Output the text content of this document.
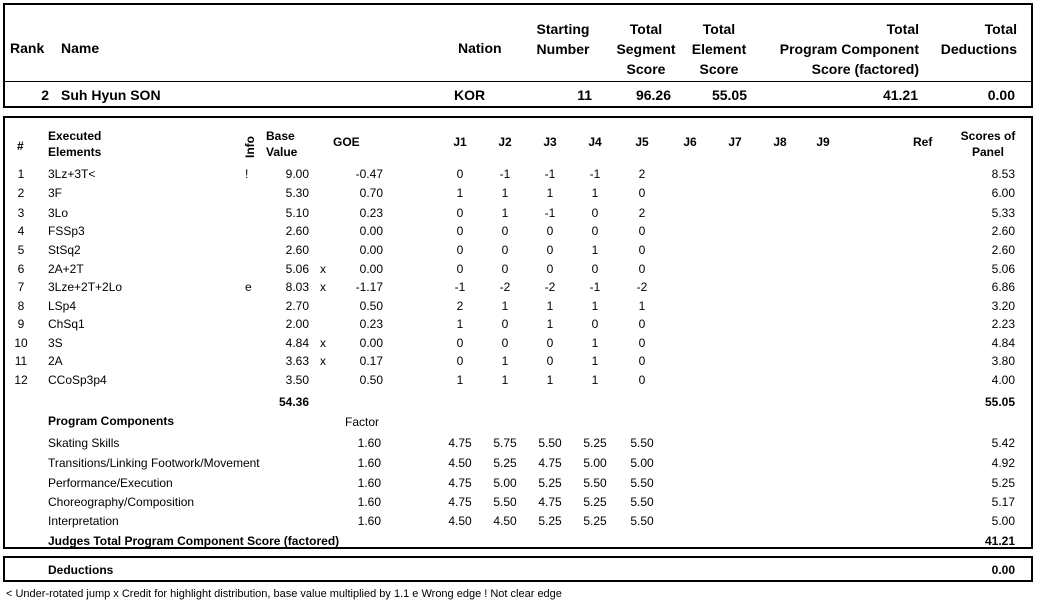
Rank Name	Nation
Starting
Number
Total
Segment
Score
Total
Element
Score
Total
Program Component
Score (factored)
Total
Deductions
2 Suh Hyun SON	KOR	11	96.26	55.05	41.21	0.00
#
Executed
Elements	Info Base
Value
GOE	J1	J2	J3	J4	J5	J6	J7	J8	J9	Ref	Scores of
Panel
1	3Lz+3T<	!	9.00	-0.47	0	-1	-1	-1	2	8.53
2	3F	5.30	0.70	1	1	1	1	0	6.00
3	3Lo	5.10	0.23	0	1	-1	0	2	5.33
4	FSSp3	2.60	0.00	0	0	0	0	0	2.60
5	StSq2	2.60	0.00	0	0	0	1	0	2.60
6	2A+2T	5.06 x	0.00	0	0	0	0	0	5.06
7	3Lze+2T+2Lo	e	8.03 x	-1.17	-1	-2	-2	-1	-2	6.86
8	LSp4	2.70	0.50	2	1	1	1	1	3.20
9	ChSq1	2.00	0.23	1	0	1	0	0	2.23
10	3S	4.84 x	0.00	0	0	0	1	0	4.84
11	2A	3.63 x	0.17	0	1	0	1	0	3.80
12	CCoSp3p4	3.50	0.50	1	1	1	1	0	4.00
54.36	55.05
Program Components	Factor
Skating Skills	1.60	4.75	5.75	5.50	5.25	5.50	5.42
Transitions/Linking Footwork/Movement	1.60	4.50	5.25	4.75	5.00	5.00	4.92
Performance/Execution	1.60	4.75	5.00	5.25	5.50	5.50	5.25
Choreography/Composition	1.60	4.75	5.50	4.75	5.25	5.50	5.17
Interpretation	1.60	4.50	4.50	5.25	5.25	5.50	5.00
Judges Total Program Component Score (factored)	41.21
Deductions	0.00
< Under-rotated jump x Credit for highlight distribution, base value multiplied by 1.1 e Wrong edge ! Not clear edge
